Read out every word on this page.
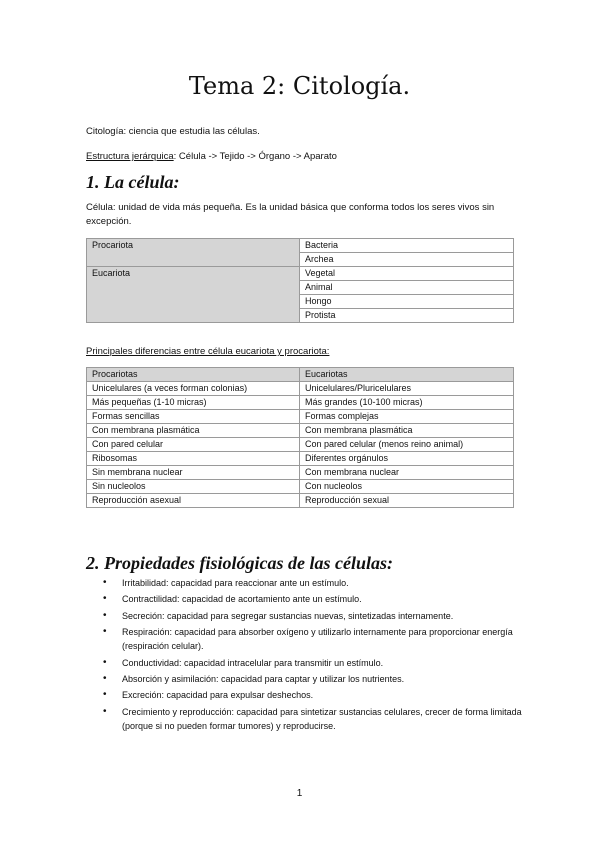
Tema 2: Citología.
Citología: ciencia que estudia las células.
Estructura jerárquica: Célula -> Tejido -> Órgano -> Aparato
1. La célula:
Célula: unidad de vida más pequeña. Es la unidad básica que conforma todos los seres vivos sin excepción.
Procariota	Bacteria
	Archea
Eucariota	Vegetal
	Animal
	Hongo
	Protista
Principales diferencias entre célula eucariota y procariota:
Procariotas	Eucariotas
Unicelulares (a veces forman colonias)	Unicelulares/Pluricelulares
Más pequeñas (1-10 micras)	Más grandes (10-100 micras)
Formas sencillas	Formas complejas
Con membrana plasmática	Con membrana plasmática
Con pared celular	Con pared celular (menos reino animal)
Ribosomas	Diferentes orgánulos
Sin membrana nuclear	Con membrana nuclear
Sin nucleolos	Con nucleolos
Reproducción asexual	Reproducción sexual
2. Propiedades fisiológicas de las células:
• Irritabilidad: capacidad para reaccionar ante un estímulo.
• Contractilidad: capacidad de acortamiento ante un estímulo.
• Secreción: capacidad para segregar sustancias nuevas, sintetizadas internamente.
• Respiración: capacidad para absorber oxígeno y utilizarlo internamente para proporcionar energía (respiración celular).
• Conductividad: capacidad intracelular para transmitir un estímulo.
• Absorción y asimilación: capacidad para captar y utilizar los nutrientes.
• Excreción: capacidad para expulsar deshechos.
• Crecimiento y reproducción: capacidad para sintetizar sustancias celulares, crecer de forma limitada (porque si no pueden formar tumores) y reproducirse.
1
